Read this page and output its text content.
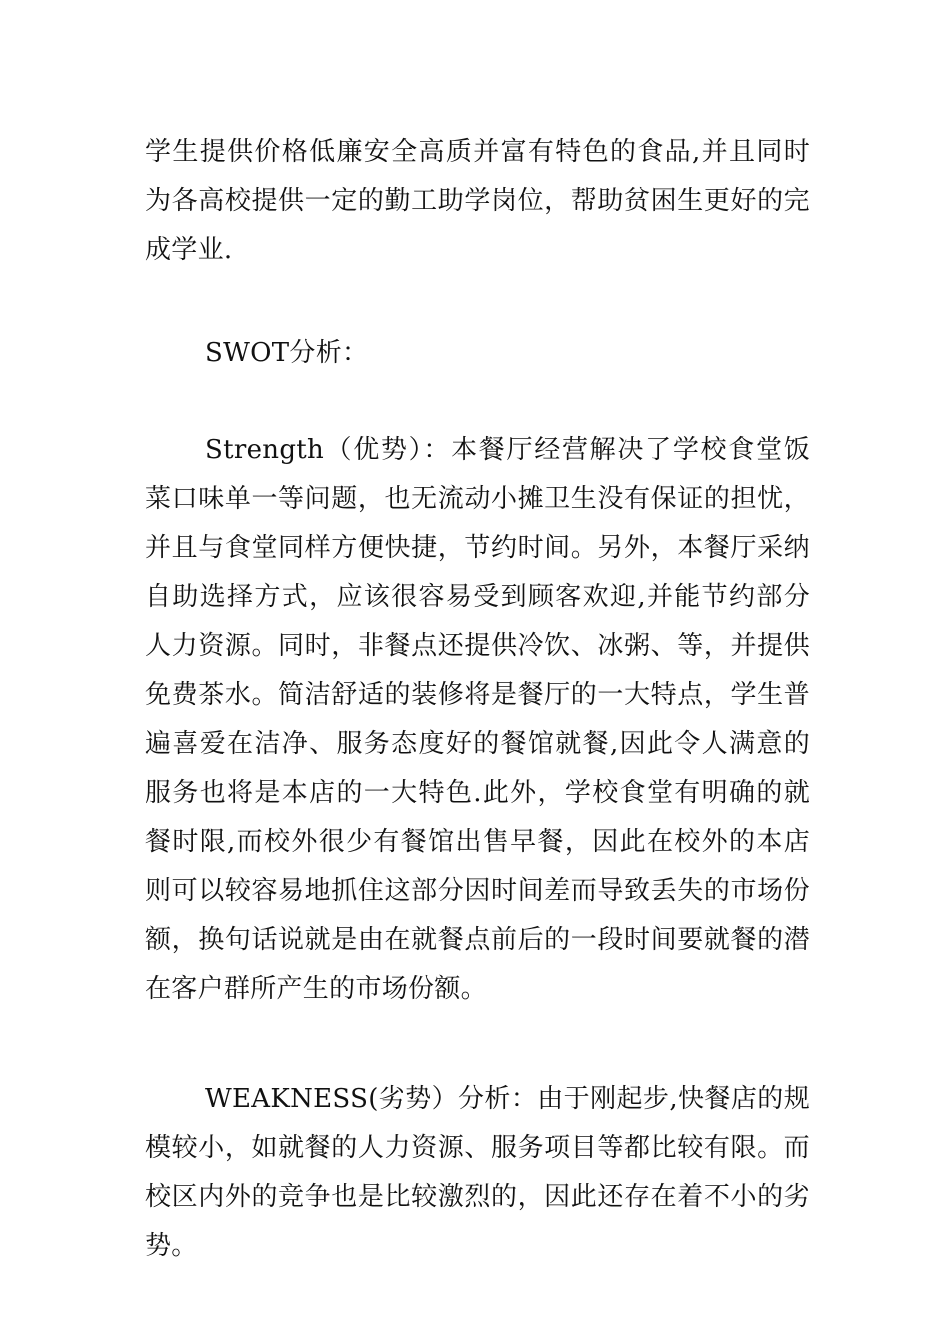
学生提供价格低廉安全高质并富有特色的食品,并且同时为各高校提供一定的勤工助学岗位，帮助贫困生更好的完成学业.

SWOT分析：

Strength（优势）：本餐厅经营解决了学校食堂饭菜口味单一等问题，也无流动小摊卫生没有保证的担忧，并且与食堂同样方便快捷，节约时间。另外，本餐厅采纳自助选择方式，应该很容易受到顾客欢迎,并能节约部分人力资源。同时，非餐点还提供冷饮、冰粥、等，并提供免费茶水。简洁舒适的装修将是餐厅的一大特点，学生普遍喜爱在洁净、服务态度好的餐馆就餐,因此令人满意的服务也将是本店的一大特色.此外，学校食堂有明确的就餐时限,而校外很少有餐馆出售早餐，因此在校外的本店则可以较容易地抓住这部分因时间差而导致丢失的市场份额，换句话说就是由在就餐点前后的一段时间要就餐的潜在客户群所产生的市场份额。

WEAKNESS(劣势）分析：由于刚起步,快餐店的规模较小，如就餐的人力资源、服务项目等都比较有限。而校区内外的竞争也是比较激烈的，因此还存在着不小的劣势。
